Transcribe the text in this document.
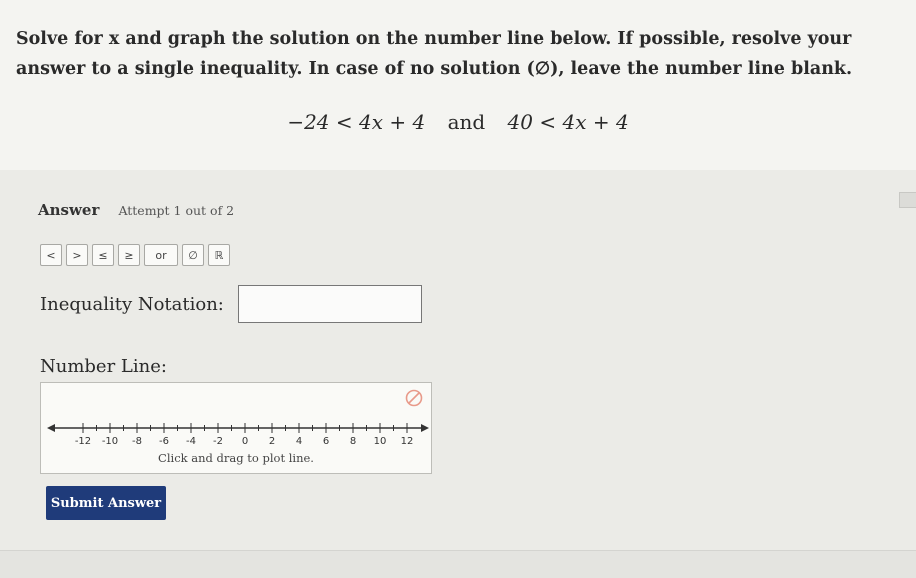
Solve for x and graph the solution on the number line below. If possible, resolve your answer to a single inequality. In case of no solution (∅), leave the number line blank.
−24 < 4x + 4 and 40 < 4x + 4
Answer Attempt 1 out of 2
<	>	≤	≥	or	∅	ℝ
Inequality Notation:
Number Line:
-12 -10 -8 -6 -4 -2 0 2 4 6 8 10 12
Click and drag to plot line.
Submit Answer
